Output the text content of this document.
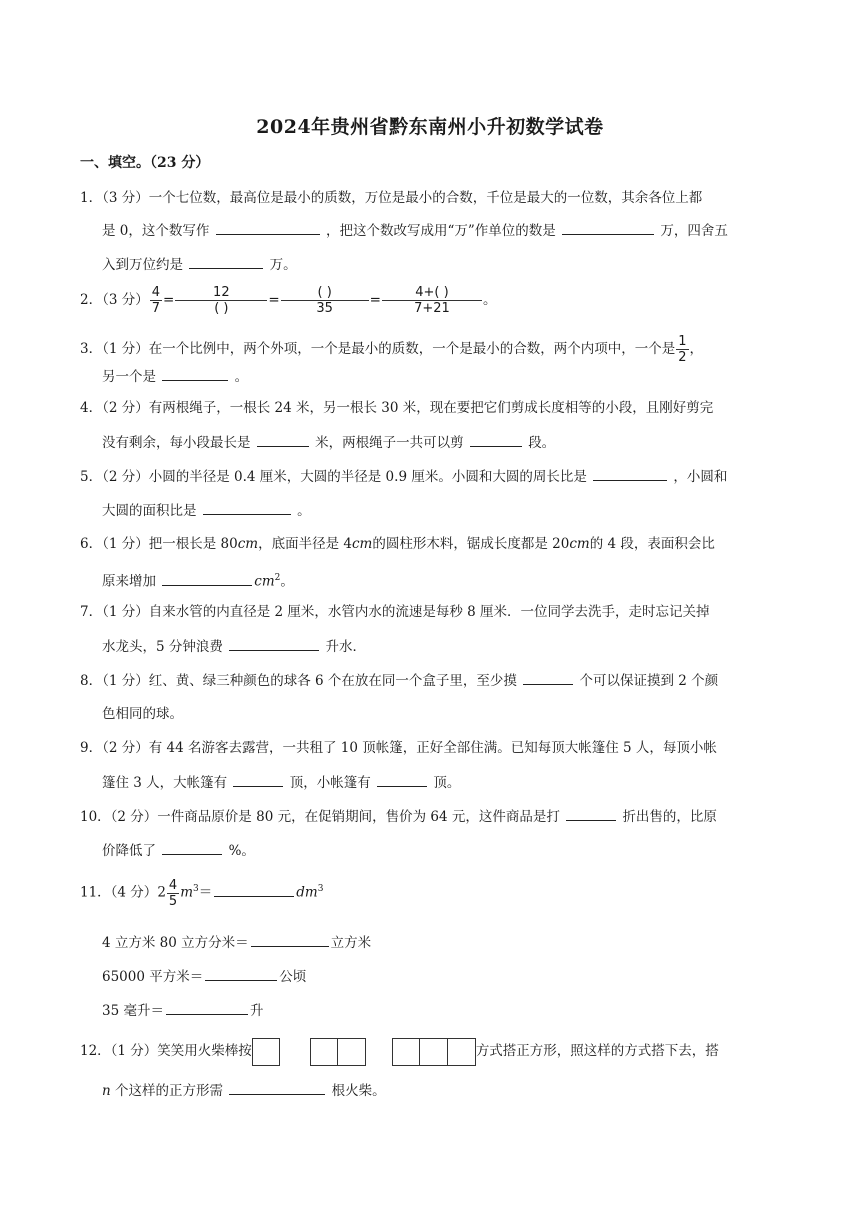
2024年贵州省黔东南州小升初数学试卷
一、填空。（23 分）
1．（3 分）一个七位数，最高位是最小的质数，万位是最小的合数，千位是最大的一位数，其余各位上都
是 0，这个数写作	，把这个数改写成用“万”作单位的数是	万，四舍五
入到万位约是	万。
2．（3 分） $\frac{4}{7} = \frac{12}{( )} = \frac{( )}{35} = \frac{4+( )}{7+21}$ 。
3．（1 分）在一个比例中，两个外项，一个是最小的质数，一个是最小的合数，两个内项中，一个是 $\frac{1}{2}$ ，
另一个是	。
4．（2 分）有两根绳子，一根长 24 米，另一根长 30 米，现在要把它们剪成长度相等的小段，且刚好剪完
没有剩余，每小段最长是	米，两根绳子一共可以剪	段。
5．（2 分）小圆的半径是 0.4 厘米，大圆的半径是 0.9 厘米。小圆和大圆的周长比是	，小圆和
大圆的面积比是	。
6．（1 分）把一根长是 80cm，底面半径是 4cm的圆柱形木料，锯成长度都是 20cm的 4 段，表面积会比
原来增加	$cm^2$。
7．（1 分）自来水管的内直径是 2 厘米，水管内水的流速是每秒 8 厘米．一位同学去洗手，走时忘记关掉
水龙头，5 分钟浪费	升水．
8．（1 分）红、黄、绿三种颜色的球各 6 个在放在同一个盒子里，至少摸	个可以保证摸到 2 个颜
色相同的球。
9．（2 分）有 44 名游客去露营，一共租了 10 顶帐篷，正好全部住满。已知每顶大帐篷住 5 人，每顶小帐
篷住 3 人，大帐篷有	顶，小帐篷有	顶。
10．（2 分）一件商品原价是 80 元，在促销期间，售价为 64 元，这件商品是打	折出售的，比原
价降低了	%。
11．（4 分）$2 \frac{4}{5} m^3=$	$dm^3$
4 立方米 80 立方分米＝	立方米
65000 平方米＝	公顷
35 毫升＝	升
12．（1 分）笑笑用火柴棒按	方式搭正方形，照这样的方式搭下去，搭
n 个这样的正方形需	根火柴。
